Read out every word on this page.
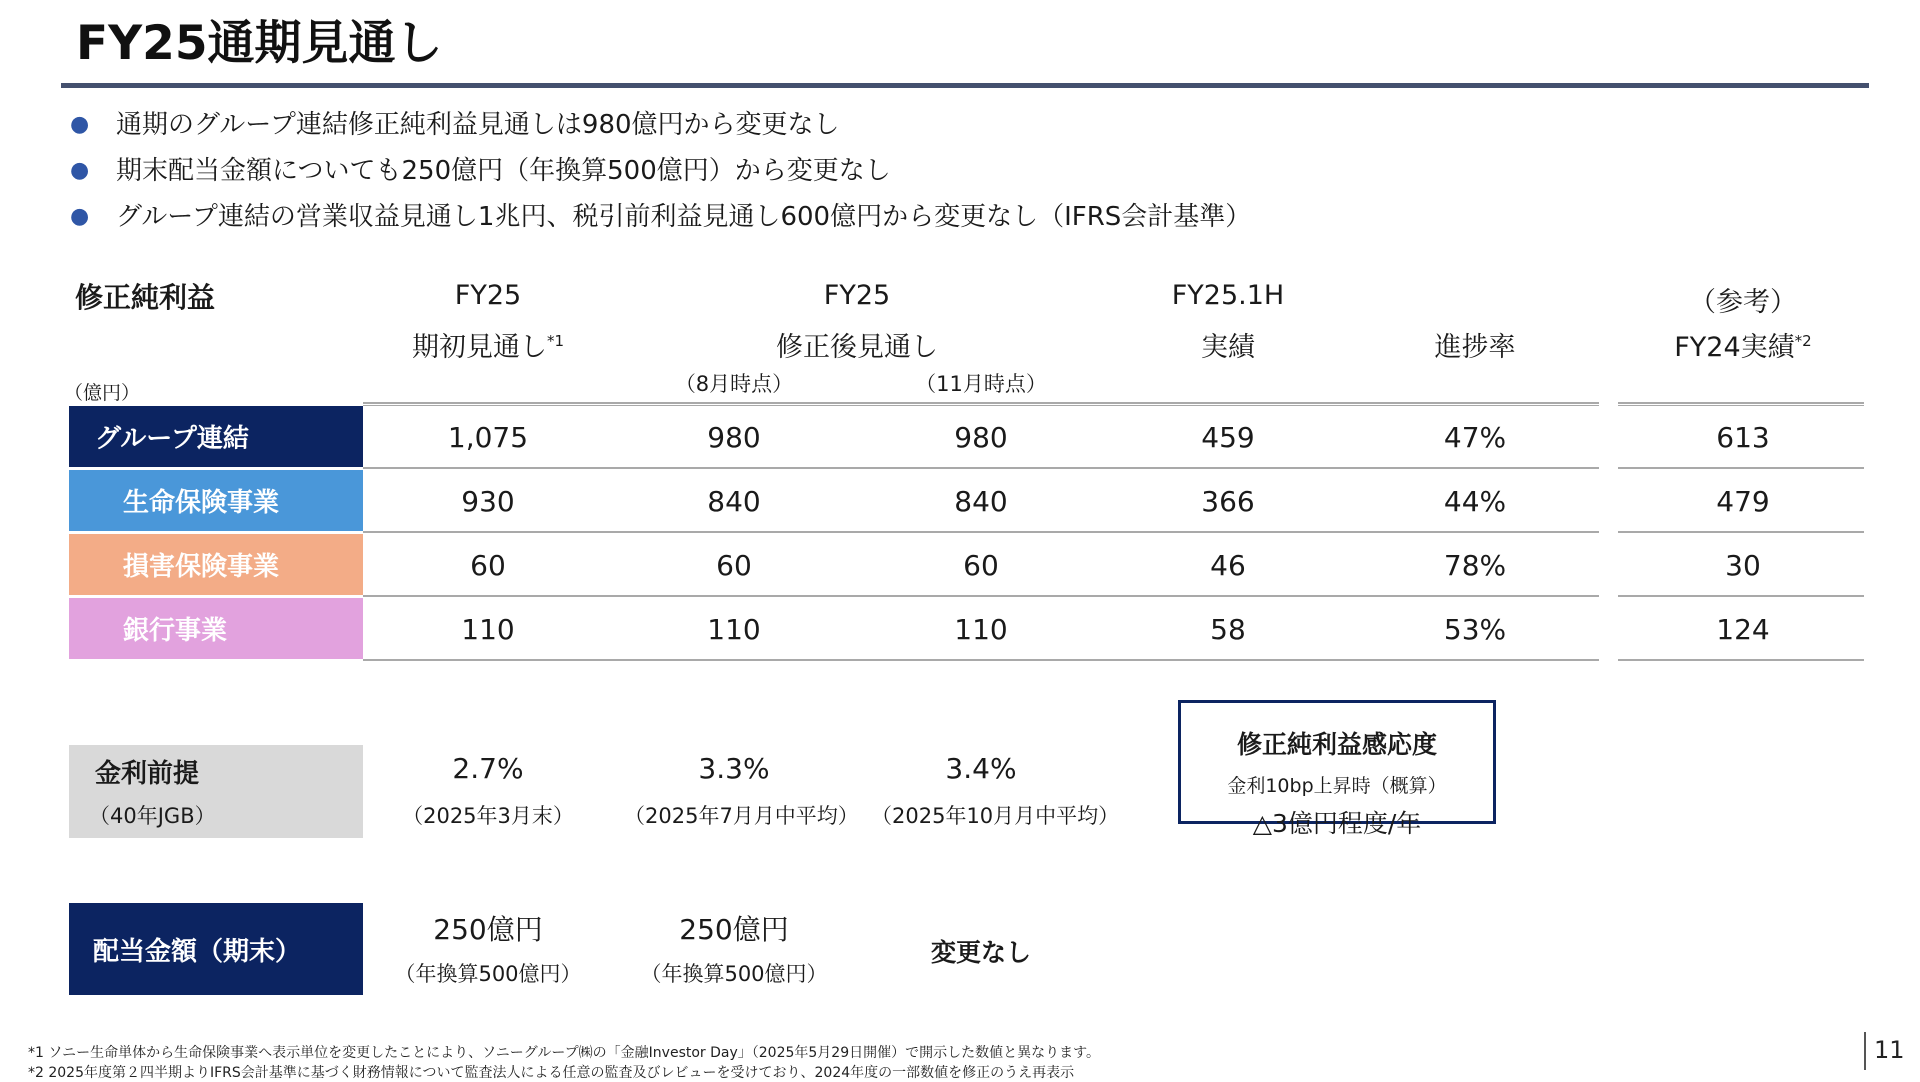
FY25通期見通し
● 通期のグループ連結修正純利益見通しは980億円から変更なし
● 期末配当金額についても250億円（年換算500億円）から変更なし
● グループ連結の営業収益見通し1兆円、税引前利益見通し600億円から変更なし（IFRS会計基準）
修正純利益
（億円）
FY25
期初見通し$^{*1}$
FY25
修正後見通し
（8月時点）	（11月時点）
FY25.1H
実績	進捗率
（参考）
FY24実績$^{*2}$
グループ連結	1,075	980	980	459	47%	613
生命保険事業	930	840	840	366	44%	479
損害保険事業	60	60	60	46	78%	30
銀行事業	110	110	110	58	53%	124
金利前提
（40年JGB）
2.7%	3.3%	3.4%
（2025年3月末）	（2025年7月月中平均） （2025年10月月中平均）
修正純利益感応度
金利10bp上昇時（概算）
△3億円程度/年
配当金額（期末）
250億円	250億円
（年換算500億円）	（年換算500億円）
変更なし
*1 ソニー生命単体から生命保険事業へ表示単位を変更したことにより、ソニーグループ㈱の「金融Investor Day」（2025年5月29日開催）で開示した数値と異なります。
*2 2025年度第２四半期よりIFRS会計基準に基づく財務情報について監査法人による任意の監査及びレビューを受けており、2024年度の一部数値を修正のうえ再表示
11
